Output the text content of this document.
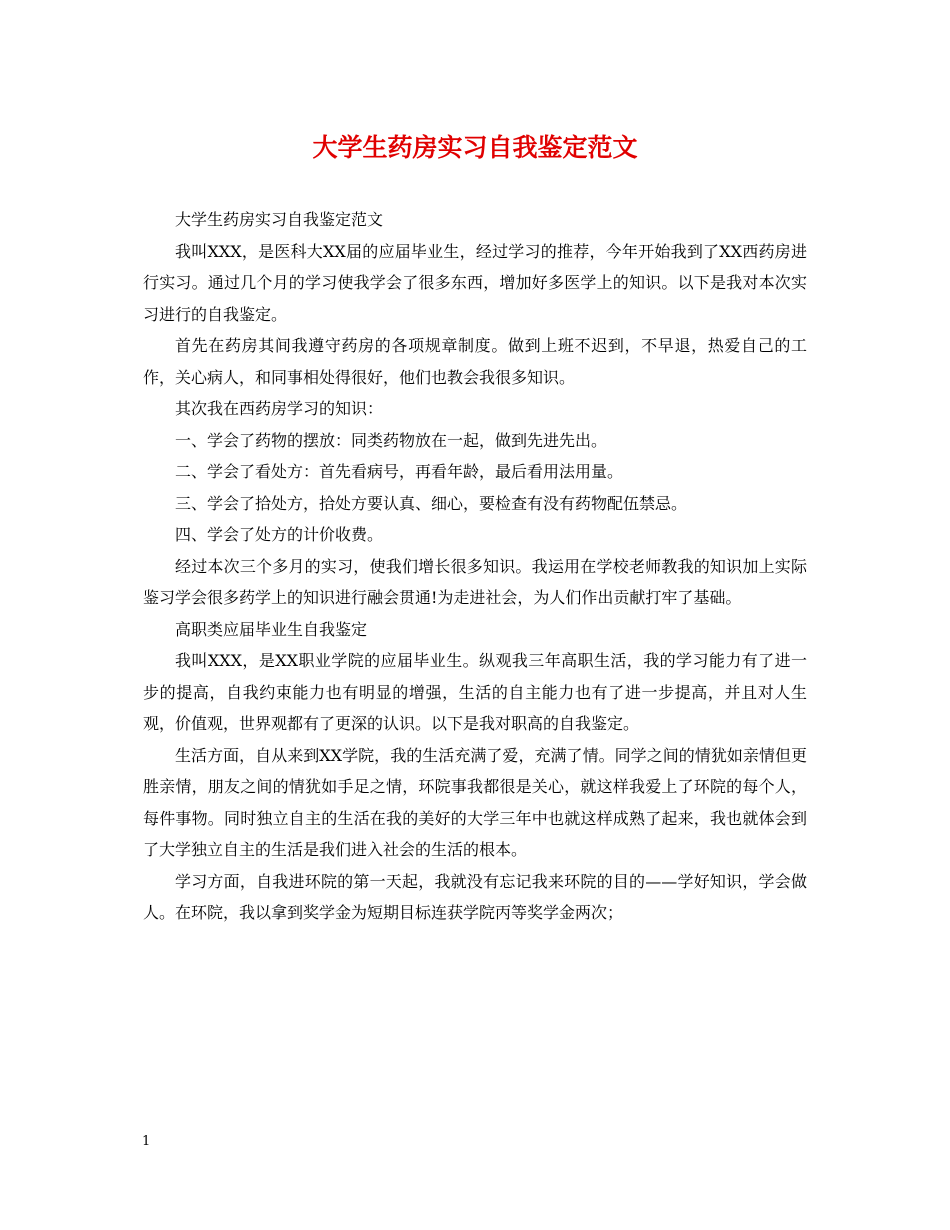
大学生药房实习自我鉴定范文

大学生药房实习自我鉴定范文

我叫XXX，是医科大XX届的应届毕业生，经过学习的推荐，今年开始我到了XX西药房进行实习。通过几个月的学习使我学会了很多东西，增加好多医学上的知识。以下是我对本次实习进行的自我鉴定。

首先在药房其间我遵守药房的各项规章制度。做到上班不迟到，不早退，热爱自己的工作，关心病人，和同事相处得很好，他们也教会我很多知识。

其次我在西药房学习的知识：

一、学会了药物的摆放：同类药物放在一起，做到先进先出。

二、学会了看处方：首先看病号，再看年龄，最后看用法用量。

三、学会了拾处方，拾处方要认真、细心，要检查有没有药物配伍禁忌。

四、学会了处方的计价收费。

经过本次三个多月的实习，使我们增长很多知识。我运用在学校老师教我的知识加上实际鉴习学会很多药学上的知识进行融会贯通!为走进社会，为人们作出贡献打牢了基础。

高职类应届毕业生自我鉴定

我叫XXX，是XX职业学院的应届毕业生。纵观我三年高职生活，我的学习能力有了进一步的提高，自我约束能力也有明显的增强，生活的自主能力也有了进一步提高，并且对人生观，价值观，世界观都有了更深的认识。以下是我对职高的自我鉴定。

生活方面，自从来到XX学院，我的生活充满了爱，充满了情。同学之间的情犹如亲情但更胜亲情，朋友之间的情犹如手足之情，环院事我都很是关心，就这样我爱上了环院的每个人，每件事物。同时独立自主的生活在我的美好的大学三年中也就这样成熟了起来，我也就体会到了大学独立自主的生活是我们进入社会的生活的根本。

学习方面，自我进环院的第一天起，我就没有忘记我来环院的目的——学好知识，学会做人。在环院，我以拿到奖学金为短期目标连获学院丙等奖学金两次；

1
